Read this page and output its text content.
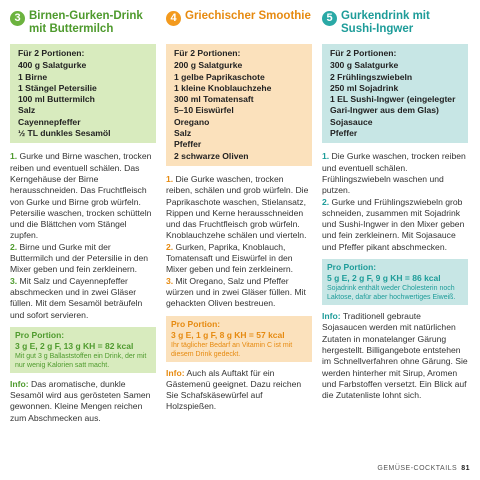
3 Birnen-Gurken-Drink mit Buttermilch
Für 2 Portionen:
400 g Salatgurke
1 Birne
1 Stängel Petersilie
100 ml Buttermilch
Salz
Cayennepfeffer
½ TL dunkles Sesamöl

1. Gurke und Birne waschen, trocken reiben und eventuell schälen. Das Kerngehäuse der Birne herausschneiden. Das Fruchtfleisch von Gurke und Birne grob würfeln. Petersilie waschen, trocken schütteln und die Blättchen vom Stängel zupfen.

2. Birne und Gurke mit der Buttermilch und der Petersilie in den Mixer geben und fein zerkleinern.

3. Mit Salz und Cayennepfeffer abschmecken und in zwei Gläser füllen. Mit dem Sesamöl beträufeln und sofort servieren.

Pro Portion:
3 g E, 2 g F, 13 g KH = 82 kcal
Mit gut 3 g Ballaststoffen ein Drink, der mit nur wenig Kalorien satt macht.
Info: Das aromatische, dunkle Sesamöl wird aus gerösteten Samen gewonnen. Kleine Mengen reichen zum Abschmecken aus.
4 Griechischer Smoothie
Für 2 Portionen:
200 g Salatgurke
1 gelbe Paprikaschote
1 kleine Knoblauchzehe
300 ml Tomatensaft
5–10 Eiswürfel
Oregano
Salz
Pfeffer
2 schwarze Oliven

1. Die Gurke waschen, trocken reiben, schälen und grob würfeln. Die Paprikaschote waschen, Stielansatz, Rippen und Kerne herausschneiden und das Fruchtfleisch grob würfeln. Knoblauchzehe schälen und vierteln.

2. Gurken, Paprika, Knoblauch, Tomatensaft und Eiswürfel in den Mixer geben und fein zerkleinern.

3. Mit Oregano, Salz und Pfeffer würzen und in zwei Gläser füllen. Mit gehackten Oliven bestreuen.

Pro Portion:
3 g E, 1 g F, 8 g KH = 57 kcal
Ihr täglicher Bedarf an Vitamin C ist mit diesem Drink gedeckt.
Info: Auch als Auftakt für ein Gästemenü geeignet. Dazu reichen Sie Schafskäsewürfel auf Holzspießen.
5 Gurkendrink mit Sushi-Ingwer
Für 2 Portionen:
300 g Salatgurke
2 Frühlingszwiebeln
250 ml Sojadrink
1 EL Sushi-Ingwer (eingelegter Gari-Ingwer aus dem Glas)
Sojasauce
Pfeffer

1. Die Gurke waschen, trocken reiben und eventuell schälen. Frühlingszwiebeln waschen und putzen.

2. Gurke und Frühlingszwiebeln grob schneiden, zusammen mit Sojadrink und Sushi-Ingwer in den Mixer geben und fein zerkleinern. Mit Sojasauce und Pfeffer pikant abschmecken.

Pro Portion:
5 g E, 2 g F, 9 g KH = 86 kcal
Sojadrink enthält weder Cholesterin noch Laktose, dafür aber hochwertiges Eiweiß.
Info: Traditionell gebraute Sojasaucen werden mit natürlichen Zutaten in monatelanger Gärung hergestellt. Billigangebote entstehen im Schnellverfahren ohne Gärung. Sie werden hinterher mit Sirup, Aromen und Farbstoffen versetzt. Ein Blick auf die Zutatenliste lohnt sich.
GEMÜSE-COCKTAILS 81
